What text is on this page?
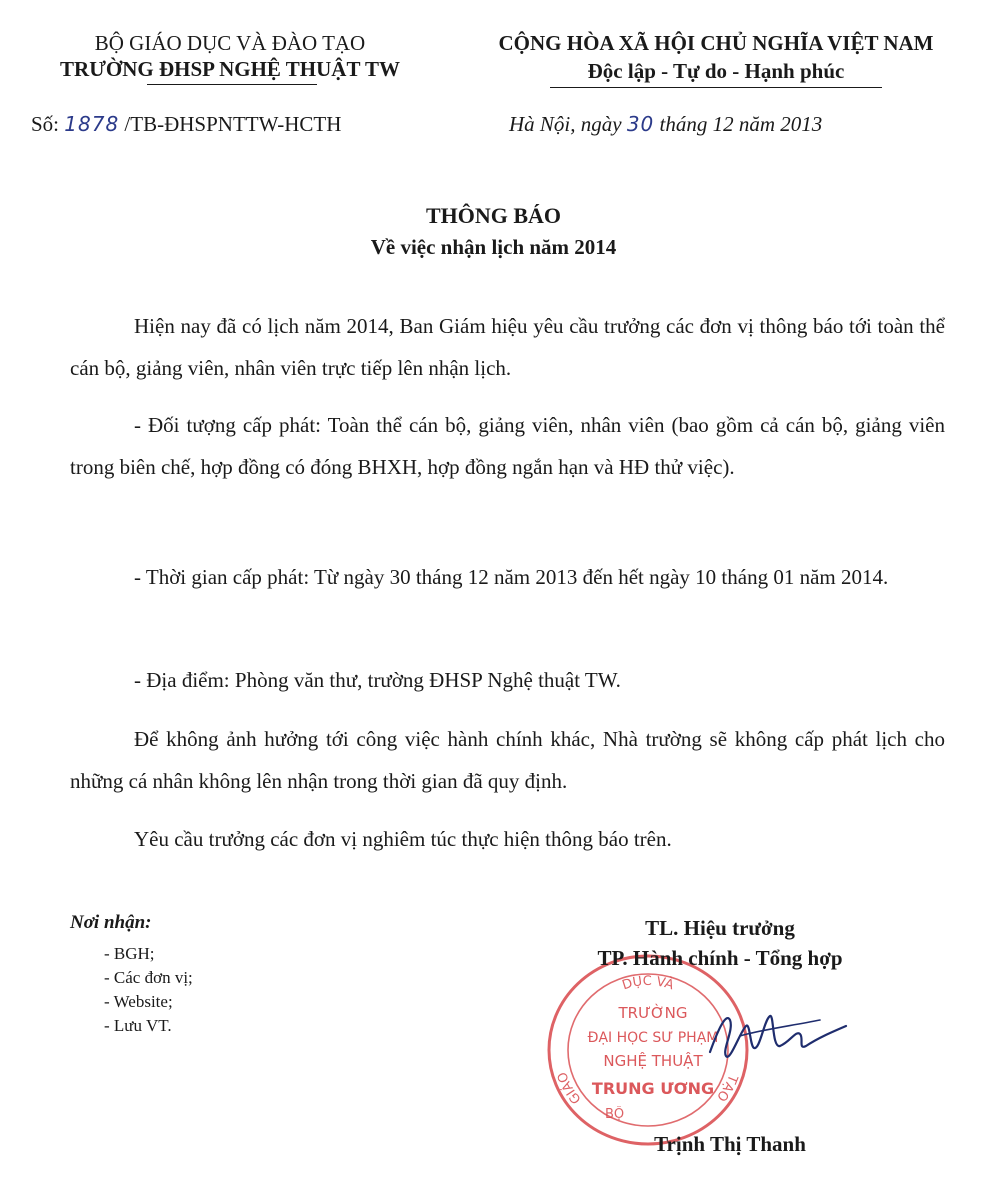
BỘ GIÁO DỤC VÀ ĐÀO TẠO
TRƯỜNG ĐHSP NGHỆ THUẬT TW
CỘNG HÒA XÃ HỘI CHỦ NGHĨA VIỆT NAM
Độc lập - Tự do - Hạnh phúc
Số: 1878 /TB-ĐHSPNTTW-HCTH	Hà Nội, ngày 30 tháng 12 năm 2013
THÔNG BÁO
Về việc nhận lịch năm 2014
Hiện nay đã có lịch năm 2014, Ban Giám hiệu yêu cầu trưởng các đơn vị thông báo tới toàn thể cán bộ, giảng viên, nhân viên trực tiếp lên nhận lịch.
- Đối tượng cấp phát: Toàn thể cán bộ, giảng viên, nhân viên (bao gồm cả cán bộ, giảng viên trong biên chế, hợp đồng có đóng BHXH, hợp đồng ngắn hạn và HĐ thử việc).
- Thời gian cấp phát: Từ ngày 30 tháng 12 năm 2013 đến hết ngày 10 tháng 01 năm 2014.
- Địa điểm: Phòng văn thư, trường ĐHSP Nghệ thuật TW.
Để không ảnh hưởng tới công việc hành chính khác, Nhà trường sẽ không cấp phát lịch cho những cá nhân không lên nhận trong thời gian đã quy định.
Yêu cầu trưởng các đơn vị nghiêm túc thực hiện thông báo trên.
Nơi nhận:
- BGH;
- Các đơn vị;
- Website;
- Lưu VT.
DỤC VÀ
GIÁO	TẠO
BỘ
TRƯỜNG
ĐẠI HỌC SƯ PHẠM
NGHỆ THUẬT
TRUNG ƯƠNG
TL. Hiệu trưởng
TP. Hành chính - Tổng hợp
Trịnh Thị Thanh
